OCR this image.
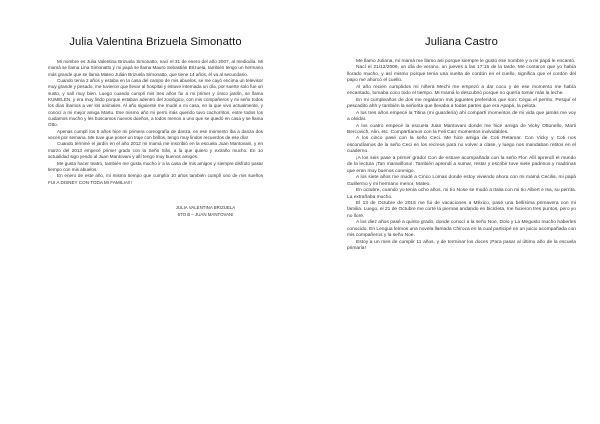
Julia Valentina Brizuela Simonatto

Mi nombre es Julia Valentina Brizuela Simonatto, nací el 31 de enero del año 2007, al mediodía. Mi mamá se llama Lina Simonatto y mi papá se llama Mauro Sebastián Brizuela, también tengo un hermano más grande que se llama Mateo Julián Brizuela Simonatto, que tiene 14 años, él va al secundario.

Cuando tenía 2 años y estaba en la casa del campo de mis abuelos, se me cayó encima un televisor muy grande y pesado, me tuvieron que llevar al hospital y estuve internada un día, por suerte solo fue un susto, y salí muy bien. Luego cuando cumplí mis tres años fui a mi primer y único jardín, se llama KUMELEN, y era muy lindo porque estaban adentro del zoológico, con mis compañeros y mi seño todos los días íbamos a ver los animales. Al año siguiente me mudé a mi casa, en la que vivo actualmente, y conocí a mi mejor amiga Martu. Ese mismo año mi perro más querido tuvo cachorritos, entre todos los cuidamos mucho y les buscamos nuevos dueños, a todos menos a uno que se quedó en casa y se llama Otto.

Apenas cumplí los 5 años hice mi primera coreografía de danza, en ese momento iba a danza dos veces por semana. Me tuve que poner un traje con brillos, tengo muy lindos recuerdos de ese día!

Cuando terminé el jardín en el año 2012 mi mamá me inscribió en la escuela Juan Mantovani, y en marzo del 2013 empecé primer grado con la Seño Silvi, a la que quiero y extraño mucho. En 1o actualidad sigo yendo al Juan Mantovani y allí tengo muy buenos amigos.

Me gusta hacer teatro, también me gusta mucho ir a la casa de mis amigos y siempre disfruto pasar tiempo con mis abuelos.

En enero de este año, mi mismo tiempo que cumplía 10 años también cumplí uno de mis sueños FUI A DISNEY CON TODA MI FAMILIA!!!

JULIA VALENTINA BRIZUELA
5TO B – JUAN MANTOVANI
Juliana Castro

Me llamo Juliana, mi mamá me llamo así porque siempre le gustó ese nombre y a mi papá le encantó.

Nací el 21/12/2006, un día de verano, un jueves a las 17:15 de la tarde. Me contaron que yo había llorado mucho, y así mismo porque tenía una vuelta de cordón en el cuello, significa que el cordón del papo me ahorcó el cuello.

Al año recién cumplidos mi niñera Mechi me empezó a dar coco y de ese momento me había encantado, tomaba coco todo el tiempo. Mi mamá lo descubrió porque no quería tomar más la leche.

En mi cumpleaños de dos me regalaron mis juguetes preferidos que son: Cegui el perrito, Pesquí el pescadito ahh y también la señorita que llevaba a todas partes que era Apapá, la pelota.

A los tres años empecé la Titina (mi guardería) ahí compartí momentos de mi vida que jamás me voy a olvidar.

A los cuatro empecé la escuela Juan Mantovani donde me hice amiga de Vicky Ottonello, Marti Bercovich, Alin, etc. Compartíamos con la Feli Carr momentos inolvidables.

A los cinco pasé con la seño Ceci. Me hice amiga de Coti Retamar. Con Vicky y Coti nos escondíamos de la seño Ceci en los recreos para no volver a clase, y luego nos mandaban retitos en el cuaderno.

¡A los seis pase a primer grado! Con de estuve acompañada con la seño Flor. Allí aprendí el mundo de la lectura ¡Tan maravilloso!. También aprendí a sumar, restar y escribir tuve siete padrinos y madrinas que eran muy buenos conmigo.

A los siete años me mudé a Cinco Lomas donde estoy viviendo ahora con mi mamá Cecilia, mi papá Guillermo y mi hermano menor, Mateo.

En octubre, cuando yo tenía ocho años, mi tío Nose se mudó a Italia con mi tío Albert e Isa, su perrita. La extrañaba mucho.

El 13 de Octubre de 2016 me fui de vacaciones a México, pasé una bellísima primavera con mi familia. Luego, el 21 de Octubre me corté la piernas andando en bicicleta, me hicieron tres puntos, pero yo no lloré.

A los diez años pasé a quinto grado, donde conocí a la seño Noe, Dolo y La Megusto mucho haberles conocido. En Lengua leímos una novela llamada Chiroca en la cual participé en un juicio acompañada con mis compañeros y la seño Noe.

Estoy a un mes de cumplir 11 años, y de terminar los doces ¡Para pasar al último año de la escuela primaria!
